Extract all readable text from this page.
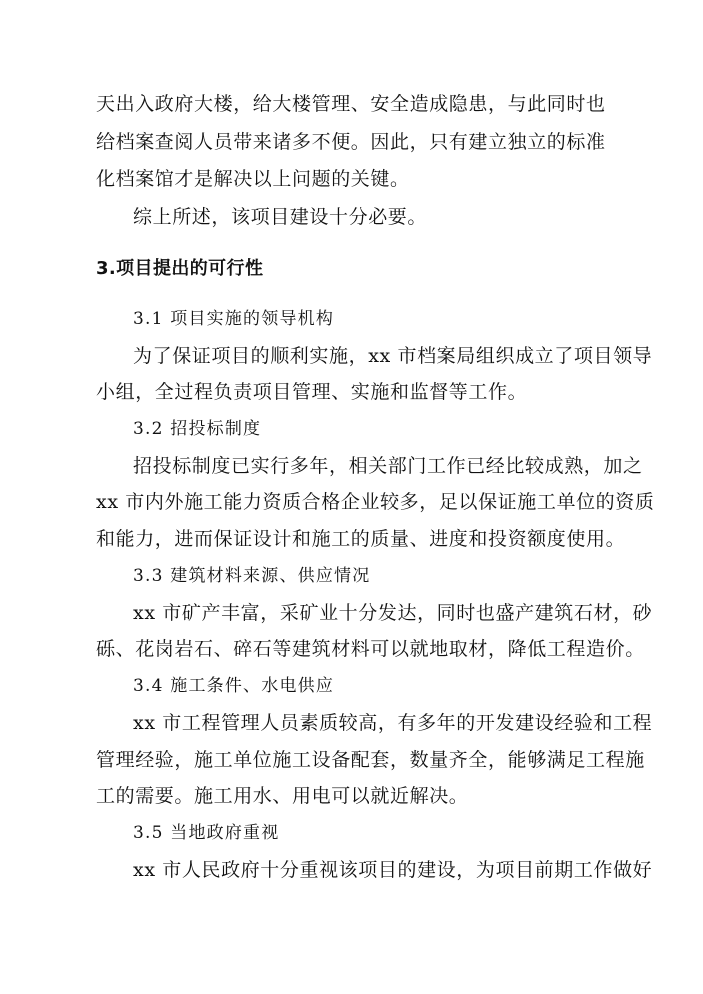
天出入政府大楼，给大楼管理、安全造成隐患，与此同时也
给档案查阅人员带来诸多不便。因此，只有建立独立的标准
化档案馆才是解决以上问题的关键。
综上所述，该项目建设十分必要。
3.项目提出的可行性
3.1 项目实施的领导机构
为了保证项目的顺利实施，xx 市档案局组织成立了项目领导
小组，全过程负责项目管理、实施和监督等工作。
3.2 招投标制度
招投标制度已实行多年，相关部门工作已经比较成熟，加之
xx 市内外施工能力资质合格企业较多，足以保证施工单位的资质
和能力，进而保证设计和施工的质量、进度和投资额度使用。
3.3 建筑材料来源、供应情况
xx 市矿产丰富，采矿业十分发达，同时也盛产建筑石材，砂
砾、花岗岩石、碎石等建筑材料可以就地取材，降低工程造价。
3.4 施工条件、水电供应
xx 市工程管理人员素质较高，有多年的开发建设经验和工程
管理经验，施工单位施工设备配套，数量齐全，能够满足工程施
工的需要。施工用水、用电可以就近解决。
3.5 当地政府重视
xx 市人民政府十分重视该项目的建设，为项目前期工作做好
